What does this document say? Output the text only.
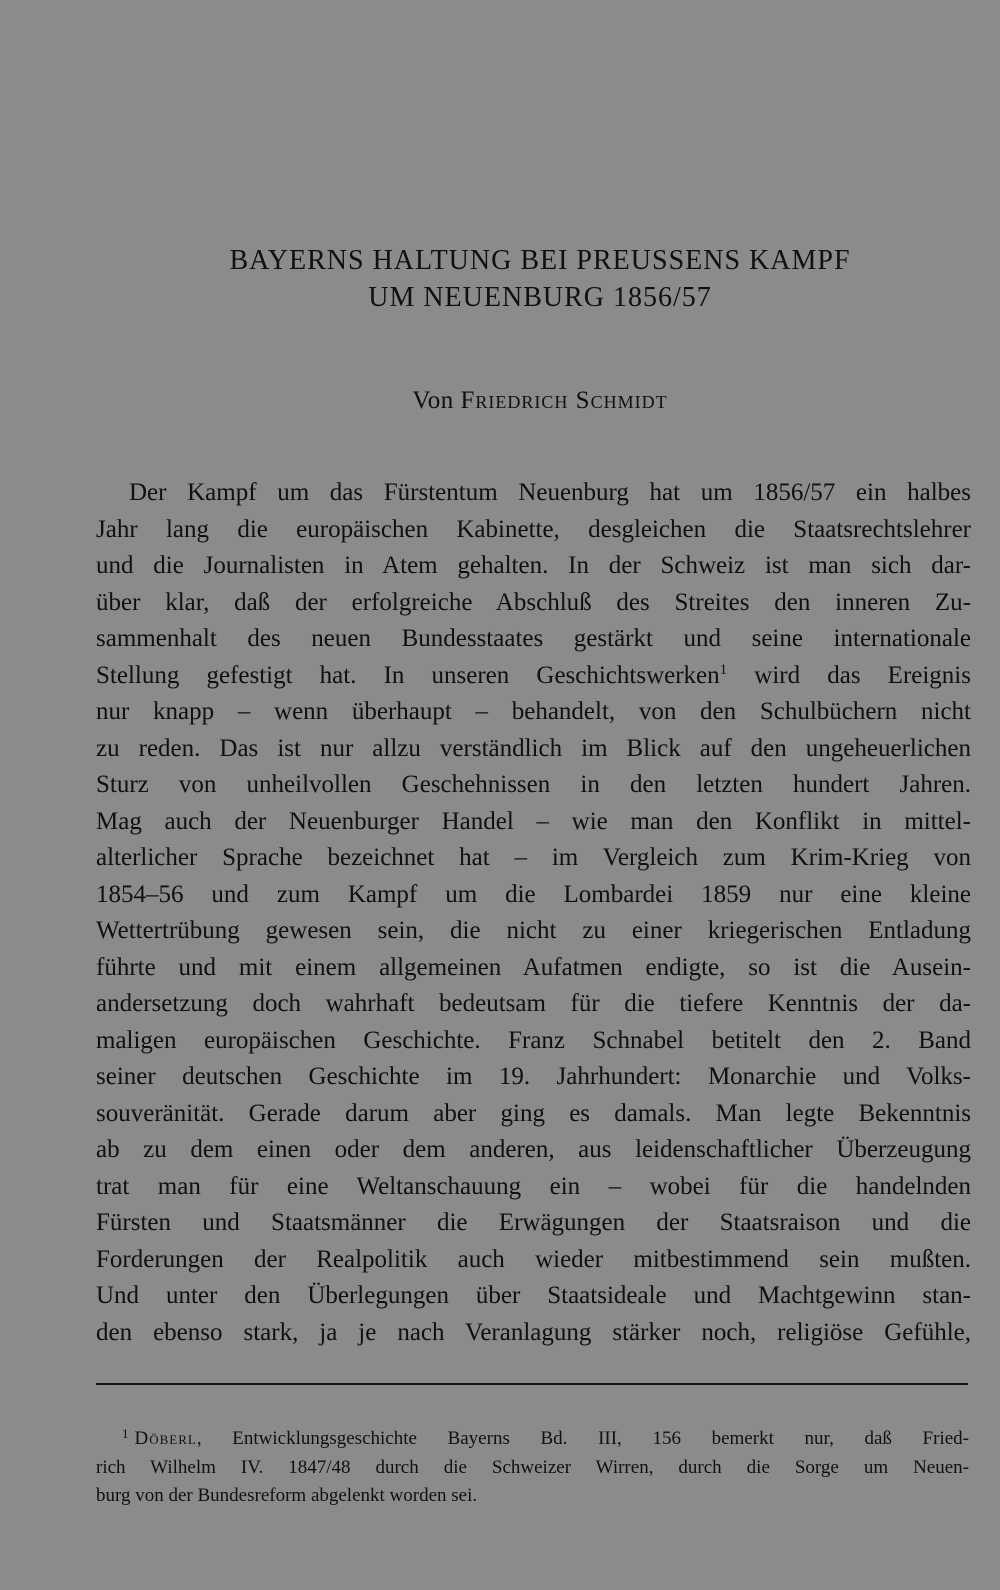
BAYERNS HALTUNG BEI PREUSSENS KAMPF
UM NEUENBURG 1856/57
Von Friedrich Schmidt
Der Kampf um das Fürstentum Neuenburg hat um 1856/57 ein halbes
Jahr lang die europäischen Kabinette, desgleichen die Staatsrechtslehrer
und die Journalisten in Atem gehalten. In der Schweiz ist man sich dar-
über klar, daß der erfolgreiche Abschluß des Streites den inneren Zu-
sammenhalt des neuen Bundesstaates gestärkt und seine internationale
Stellung gefestigt hat. In unseren Geschichtswerken$^1$ wird das Ereignis
nur knapp – wenn überhaupt – behandelt, von den Schulbüchern nicht
zu reden. Das ist nur allzu verständlich im Blick auf den ungeheuerlichen
Sturz von unheilvollen Geschehnissen in den letzten hundert Jahren.
Mag auch der Neuenburger Handel – wie man den Konflikt in mittel-
alterlicher Sprache bezeichnet hat – im Vergleich zum Krim-Krieg von
1854–56 und zum Kampf um die Lombardei 1859 nur eine kleine
Wettertrübung gewesen sein, die nicht zu einer kriegerischen Entladung
führte und mit einem allgemeinen Aufatmen endigte, so ist die Ausein-
andersetzung doch wahrhaft bedeutsam für die tiefere Kenntnis der da-
maligen europäischen Geschichte. Franz Schnabel betitelt den 2. Band
seiner deutschen Geschichte im 19. Jahrhundert: Monarchie und Volks-
souveränität. Gerade darum aber ging es damals. Man legte Bekenntnis
ab zu dem einen oder dem anderen, aus leidenschaftlicher Überzeugung
trat man für eine Weltanschauung ein – wobei für die handelnden
Fürsten und Staatsmänner die Erwägungen der Staatsraison und die
Forderungen der Realpolitik auch wieder mitbestimmend sein mußten.
Und unter den Überlegungen über Staatsideale und Machtgewinn stan-
den ebenso stark, ja je nach Veranlagung stärker noch, religiöse Gefühle,
$^1$ Döberl, Entwicklungsgeschichte Bayerns Bd. III, 156 bemerkt nur, daß Fried-
rich Wilhelm IV. 1847/48 durch die Schweizer Wirren, durch die Sorge um Neuen-
burg von der Bundesreform abgelenkt worden sei.
